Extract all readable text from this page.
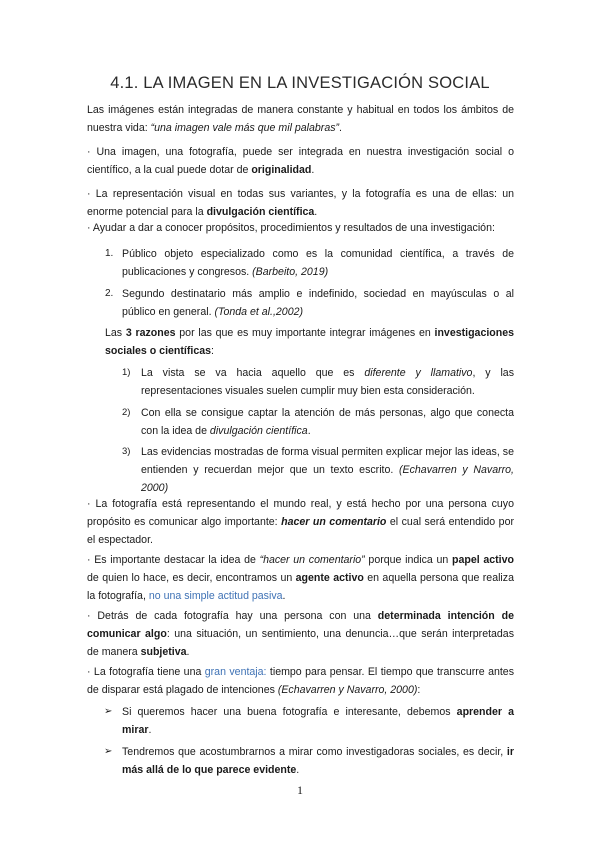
4.1. LA IMAGEN EN LA INVESTIGACIÓN SOCIAL

Las imágenes están integradas de manera constante y habitual en todos los ámbitos de nuestra vida: “una imagen vale más que mil palabras”.

· Una imagen, una fotografía, puede ser integrada en nuestra investigación social o científico, a la cual puede dotar de originalidad.

· La representación visual en todas sus variantes, y la fotografía es una de ellas: un enorme potencial para la divulgación científica.

· Ayudar a dar a conocer propósitos, procedimientos y resultados de una investigación:

1. Público objeto especializado como es la comunidad científica, a través de publicaciones y congresos. (Barbeito, 2019)

2. Segundo destinatario más amplio e indefinido, sociedad en mayúsculas o al público en general. (Tonda et al.,2002)

Las 3 razones por las que es muy importante integrar imágenes en investigaciones sociales o científicas:

1) La vista se va hacia aquello que es diferente y llamativo, y las representaciones visuales suelen cumplir muy bien esta consideración.

2) Con ella se consigue captar la atención de más personas, algo que conecta con la idea de divulgación científica.

3) Las evidencias mostradas de forma visual permiten explicar mejor las ideas, se entienden y recuerdan mejor que un texto escrito. (Echavarren y Navarro, 2000)

· La fotografía está representando el mundo real, y está hecho por una persona cuyo propósito es comunicar algo importante: hacer un comentario el cual será entendido por el espectador.

· Es importante destacar la idea de “hacer un comentario” porque indica un papel activo de quien lo hace, es decir, encontramos un agente activo en aquella persona que realiza la fotografía, no una simple actitud pasiva.

· Detrás de cada fotografía hay una persona con una determinada intención de comunicar algo: una situación, un sentimiento, una denuncia…que serán interpretadas de manera subjetiva.

· La fotografía tiene una gran ventaja: tiempo para pensar. El tiempo que transcurre antes de disparar está plagado de intenciones (Echavarren y Navarro, 2000):

➢ Si queremos hacer una buena fotografía e interesante, debemos aprender a mirar.

➢ Tendremos que acostumbrarnos a mirar como investigadoras sociales, es decir, ir más allá de lo que parece evidente.

1
